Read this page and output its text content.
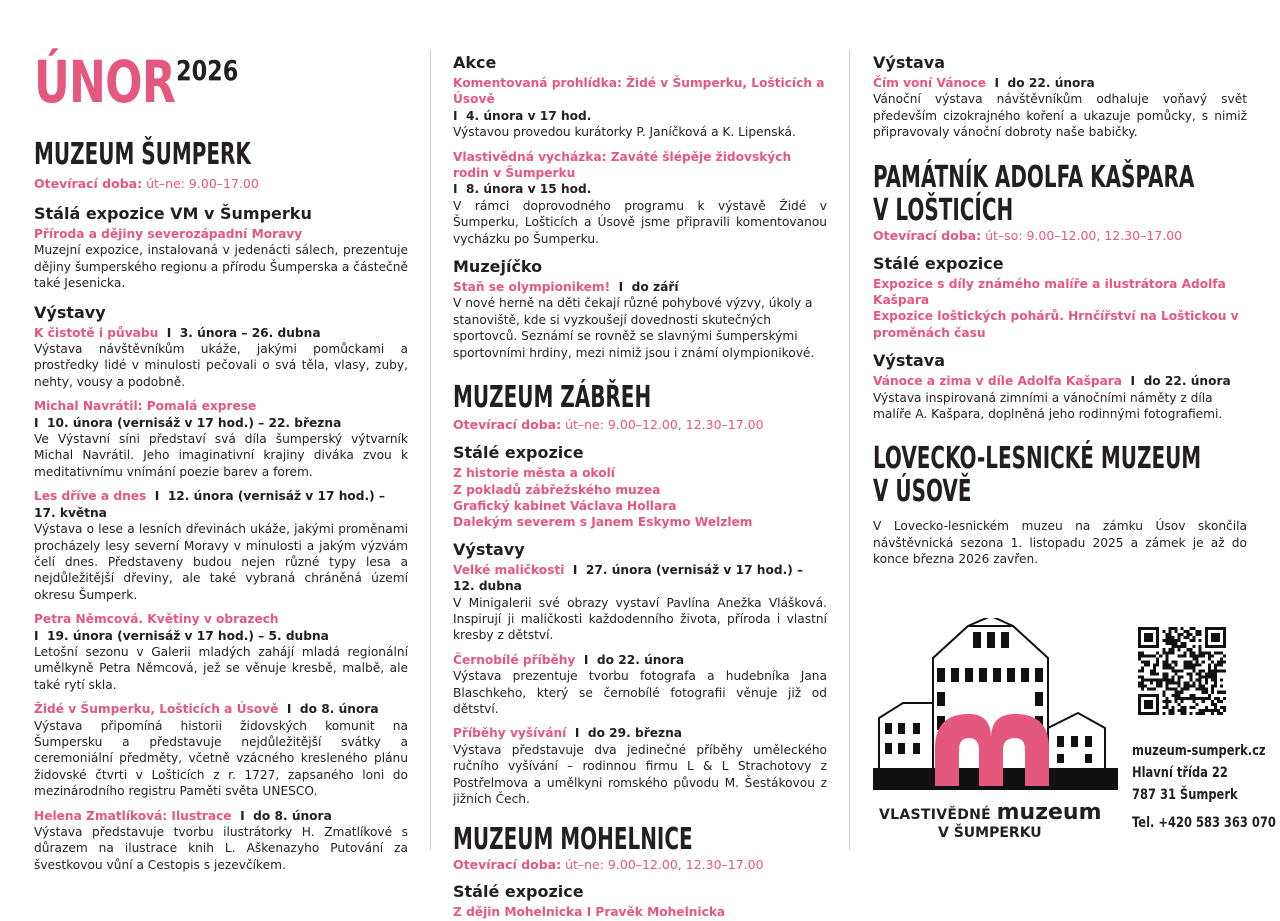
ÚNOR 2026
MUZEUM ŠUMPERK
Otevírací doba: út–ne: 9.00–17.00
Stálá expozice VM v Šumperku
Příroda a dějiny severozápadní Moravy
Muzejní expozice, instalovaná v jedenácti sálech, prezentuje dějiny šumperského regionu a přírodu Šumperska a částečně také Jesenicka.
Výstavy
K čistotě i půvabu  I  3. února – 26. dubna
Výstava návštěvníkům ukáže, jakými pomůckami a prostředky lidé v minulosti pečovali o svá těla, vlasy, zuby, nehty, vousy a podobně.
Michal Navrátil: Pomalá exprese
I  10. února (vernisáž v 17 hod.) – 22. března
Ve Výstavní síni představí svá díla šumperský výtvarník Michal Navrátil. Jeho imaginativní krajiny diváka zvou k meditativnímu vnímání poezie barev a forem.
Les dříve a dnes  I  12. února (vernisáž v 17 hod.) – 17. května
Výstava o lese a lesních dřevinách ukáže, jakými proměnami procházely lesy severní Moravy v minulosti a jakým výzvám čelí dnes. Představeny budou nejen různé typy lesa a nejdůležitější dřeviny, ale také vybraná chráněná území okresu Šumperk.
Petra Němcová. Květiny v obrazech
I  19. února (vernisáž v 17 hod.) – 5. dubna
Letošní sezonu v Galerii mladých zahájí mladá regionální umělkyně Petra Němcová, jež se věnuje kresbě, malbě, ale také rytí skla.
Židé v Šumperku, Lošticích a Úsově  I  do 8. února
Výstava připomíná historii židovských komunit na Šumpersku a představuje nejdůležitější svátky a ceremoniální předměty, včetně vzácného kresleného plánu židovské čtvrti v Lošticích z r. 1727, zapsaného loni do mezinárodního registru Paměti světa UNESCO.
Helena Zmatlíková: Ilustrace  I  do 8. února
Výstava představuje tvorbu ilustrátorky H. Zmatlíkové s důrazem na ilustrace knih L. Aškenazyho Putování za švestkovou vůní a Cestopis s jezevčíkem.
Akce
Komentovaná prohlídka: Židé v Šumperku, Lošticích a Úsově
I  4. února v 17 hod.
Výstavou provedou kurátorky P. Janíčková a K. Lipenská.
Vlastivědná vycházka: Zaváté šlépěje židovských rodin v Šumperku
I  8. února v 15 hod.
V rámci doprovodného programu k výstavě Židé v Šumperku, Lošticích a Úsově jsme připravili komentovanou vycházku po Šumperku.
Muzejíčko
Staň se olympionikem!  I  do září
V nové herně na děti čekají různé pohybové výzvy, úkoly a stanoviště, kde si vyzkoušejí dovednosti skutečných sportovců. Seznámí se rovněž se slavnými šumperskými sportovními hrdiny, mezi nimiž jsou i známí olympionikové.
MUZEUM ZÁBŘEH
Otevírací doba: út–ne: 9.00–12.00, 12.30–17.00
Stálé expozice
Z historie města a okolí
Z pokladů zábřežského muzea
Grafický kabinet Václava Hollara
Dalekým severem s Janem Eskymo Welzlem
Výstavy
Velké maličkosti  I  27. února (vernisáž v 17 hod.) – 12. dubna
V Minigalerii své obrazy vystaví Pavlína Anežka Vlášková. Inspirují ji maličkosti každodenního života, příroda i vlastní kresby z dětství.
Černobílé příběhy  I  do 22. února
Výstava prezentuje tvorbu fotografa a hudebníka Jana Blaschkeho, který se černobílé fotografii věnuje již od dětství.
Příběhy vyšívání  I  do 29. března
Výstava představuje dva jedinečné příběhy uměleckého ručního vyšívání – rodinnou firmu L & L Strachotovy z Postřelmova a umělkyni romského původu M. Šestákovou z jižních Čech.
MUZEUM MOHELNICE
Otevírací doba: út–ne: 9.00–12.00, 12.30–17.00
Stálé expozice
Z dějin Mohelnicka I Pravěk Mohelnicka
Výstava
Čím voní Vánoce  I  do 22. února
Vánoční výstava návštěvníkům odhaluje voňavý svět především cizokrajného koření a ukazuje pomůcky, s nimiž připravovaly vánoční dobroty naše babičky.
PAMÁTNÍK ADOLFA KAŠPARA
V LOŠTICÍCH
Otevírací doba: út–so: 9.00–12.00, 12.30–17.00
Stálé expozice
Expozice s díly známého malíře a ilustrátora Adolfa Kašpara
Expozice loštických pohárů. Hrnčířství na Loštickou v proměnách času
Výstava
Vánoce a zima v díle Adolfa Kašpara  I  do 22. února
Výstava inspirovaná zimními a vánočními náměty z díla malíře A. Kašpara, doplněná jeho rodinnými fotografiemi.
LOVECKO-LESNICKÉ MUZEUM
V ÚSOVĚ
V Lovecko-lesnickém muzeu na zámku Úsov skončila návštěvnická sezona 1. listopadu 2025 a zámek je až do konce března 2026 zavřen.
VLASTIVĚDNÉ muzeum
V ŠUMPERKU
muzeum-sumperk.cz
Hlavní třída 22
787 31 Šumperk
Tel. +420 583 363 070
